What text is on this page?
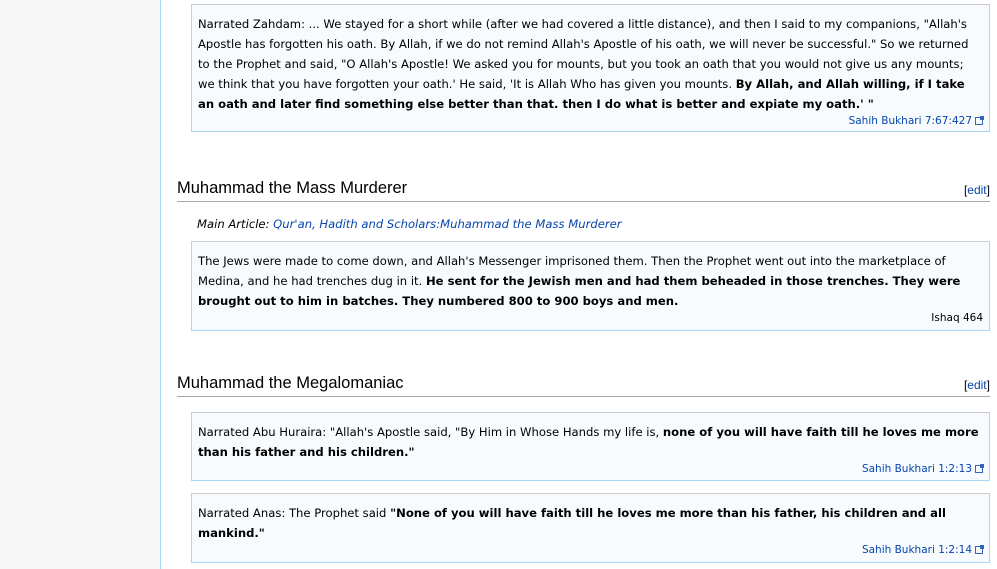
Narrated Zahdam: ... We stayed for a short while (after we had covered a little distance), and then I said to my companions, "Allah's Apostle has forgotten his oath. By Allah, if we do not remind Allah's Apostle of his oath, we will never be successful." So we returned to the Prophet and said, "O Allah's Apostle! We asked you for mounts, but you took an oath that you would not give us any mounts; we think that you have forgotten your oath.' He said, 'It is Allah Who has given you mounts. By Allah, and Allah willing, if I take an oath and later find something else better than that. then I do what is better and expiate my oath.' "
Sahih Bukhari 7:67:427
Muhammad the Mass Murderer	[edit]
Main Article: Qur'an, Hadith and Scholars:Muhammad the Mass Murderer
The Jews were made to come down, and Allah's Messenger imprisoned them. Then the Prophet went out into the marketplace of Medina, and he had trenches dug in it. He sent for the Jewish men and had them beheaded in those trenches. They were brought out to him in batches. They numbered 800 to 900 boys and men.
Ishaq 464
Muhammad the Megalomaniac	[edit]
Narrated Abu Huraira: "Allah's Apostle said, "By Him in Whose Hands my life is, none of you will have faith till he loves me more than his father and his children."
Sahih Bukhari 1:2:13
Narrated Anas: The Prophet said "None of you will have faith till he loves me more than his father, his children and all mankind."
Sahih Bukhari 1:2:14
